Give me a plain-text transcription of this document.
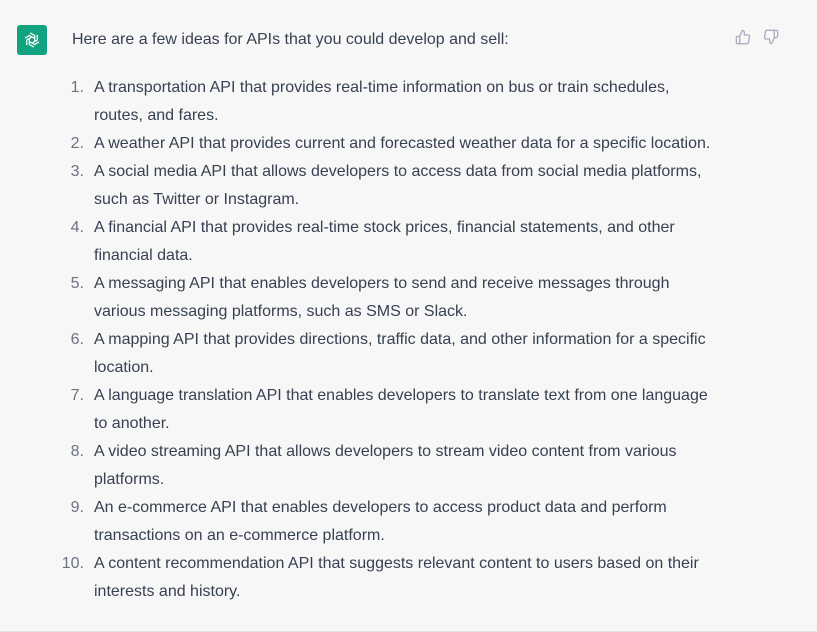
Here are a few ideas for APIs that you could develop and sell:
1. A transportation API that provides real-time information on bus or train schedules, routes, and fares.
2. A weather API that provides current and forecasted weather data for a specific location.
3. A social media API that allows developers to access data from social media platforms, such as Twitter or Instagram.
4. A financial API that provides real-time stock prices, financial statements, and other financial data.
5. A messaging API that enables developers to send and receive messages through various messaging platforms, such as SMS or Slack.
6. A mapping API that provides directions, traffic data, and other information for a specific location.
7. A language translation API that enables developers to translate text from one language to another.
8. A video streaming API that allows developers to stream video content from various platforms.
9. An e-commerce API that enables developers to access product data and perform transactions on an e-commerce platform.
10. A content recommendation API that suggests relevant content to users based on their interests and history.
